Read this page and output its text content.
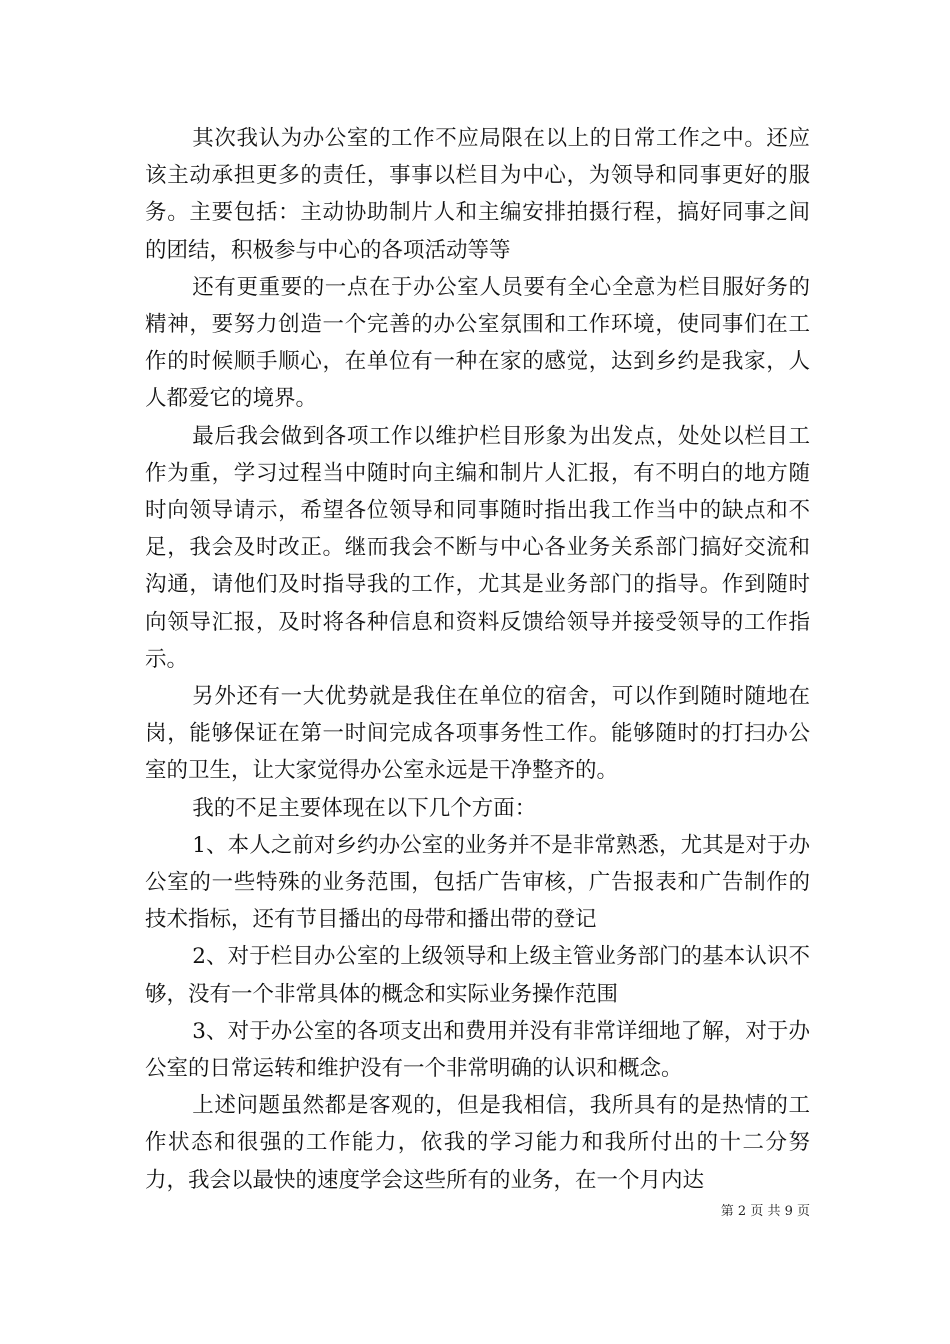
其次我认为办公室的工作不应局限在以上的日常工作之中。还应该主动承担更多的责任，事事以栏目为中心，为领导和同事更好的服务。主要包括：主动协助制片人和主编安排拍摄行程，搞好同事之间的团结，积极参与中心的各项活动等等

还有更重要的一点在于办公室人员要有全心全意为栏目服好务的精神，要努力创造一个完善的办公室氛围和工作环境，使同事们在工作的时候顺手顺心，在单位有一种在家的感觉，达到乡约是我家，人人都爱它的境界。

最后我会做到各项工作以维护栏目形象为出发点，处处以栏目工作为重，学习过程当中随时向主编和制片人汇报，有不明白的地方随时向领导请示，希望各位领导和同事随时指出我工作当中的缺点和不足，我会及时改正。继而我会不断与中心各业务关系部门搞好交流和沟通，请他们及时指导我的工作，尤其是业务部门的指导。作到随时向领导汇报，及时将各种信息和资料反馈给领导并接受领导的工作指示。

另外还有一大优势就是我住在单位的宿舍，可以作到随时随地在岗，能够保证在第一时间完成各项事务性工作。能够随时的打扫办公室的卫生，让大家觉得办公室永远是干净整齐的。

我的不足主要体现在以下几个方面：

1、本人之前对乡约办公室的业务并不是非常熟悉，尤其是对于办公室的一些特殊的业务范围，包括广告审核，广告报表和广告制作的技术指标，还有节目播出的母带和播出带的登记

2、对于栏目办公室的上级领导和上级主管业务部门的基本认识不够，没有一个非常具体的概念和实际业务操作范围

3、对于办公室的各项支出和费用并没有非常详细地了解，对于办公室的日常运转和维护没有一个非常明确的认识和概念。

上述问题虽然都是客观的，但是我相信，我所具有的是热情的工作状态和很强的工作能力，依我的学习能力和我所付出的十二分努力，我会以最快的速度学会这些所有的业务，在一个月内达

第 2 页 共 9 页
